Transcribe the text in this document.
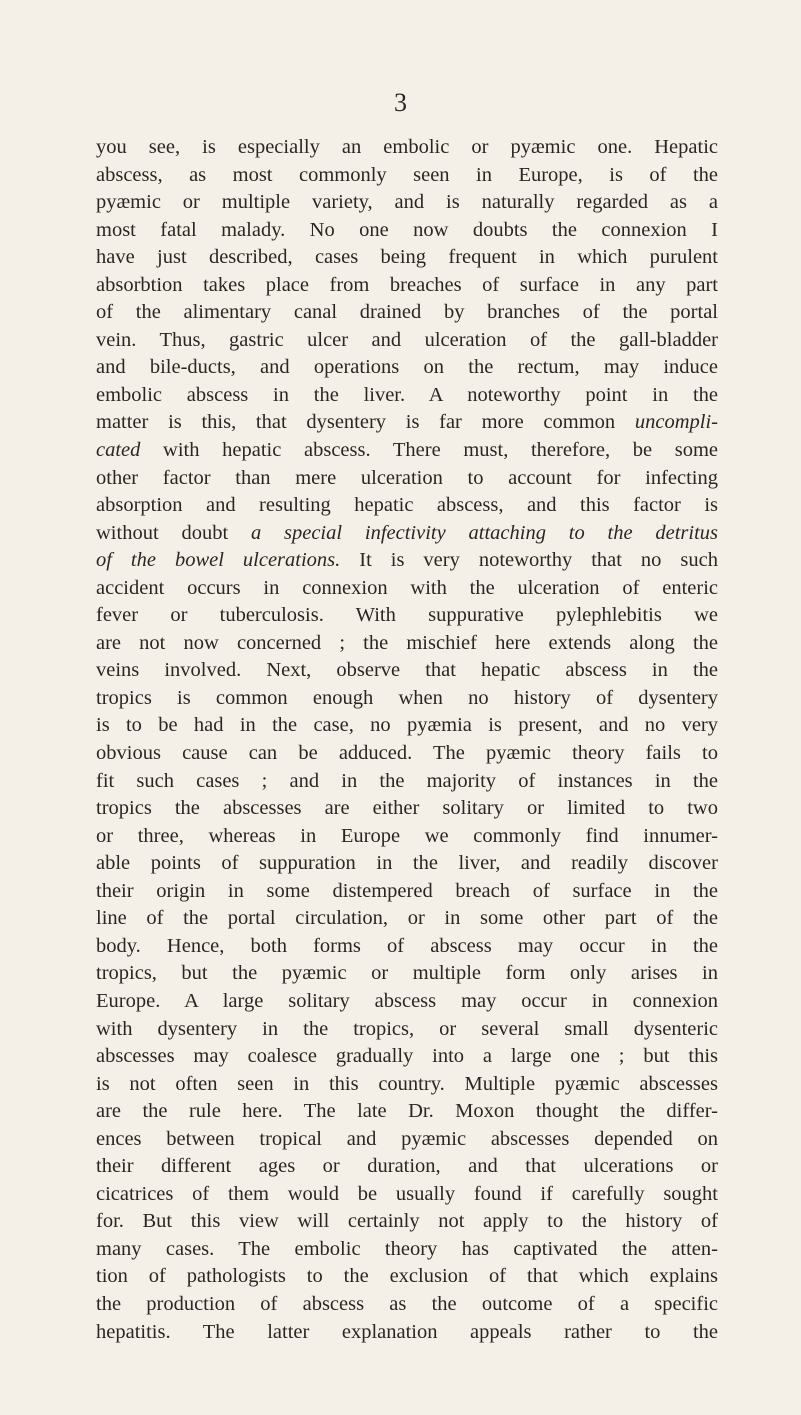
3
you see, is especially an embolic or pyæmic one. Hepatic
abscess, as most commonly seen in Europe, is of the
pyæmic or multiple variety, and is naturally regarded as a
most fatal malady. No one now doubts the connexion I
have just described, cases being frequent in which purulent
absorbtion takes place from breaches of surface in any part
of the alimentary canal drained by branches of the portal
vein. Thus, gastric ulcer and ulceration of the gall-bladder
and bile-ducts, and operations on the rectum, may induce
embolic abscess in the liver. A noteworthy point in the
matter is this, that dysentery is far more common uncompli-
cated with hepatic abscess. There must, therefore, be some
other factor than mere ulceration to account for infecting
absorption and resulting hepatic abscess, and this factor is
without doubt a special infectivity attaching to the detritus
of the bowel ulcerations. It is very noteworthy that no such
accident occurs in connexion with the ulceration of enteric
fever or tuberculosis. With suppurative pylephlebitis we
are not now concerned ; the mischief here extends along the
veins involved. Next, observe that hepatic abscess in the
tropics is common enough when no history of dysentery
is to be had in the case, no pyæmia is present, and no very
obvious cause can be adduced. The pyæmic theory fails to
fit such cases ; and in the majority of instances in the
tropics the abscesses are either solitary or limited to two
or three, whereas in Europe we commonly find innumer-
able points of suppuration in the liver, and readily discover
their origin in some distempered breach of surface in the
line of the portal circulation, or in some other part of the
body. Hence, both forms of abscess may occur in the
tropics, but the pyæmic or multiple form only arises in
Europe. A large solitary abscess may occur in connexion
with dysentery in the tropics, or several small dysenteric
abscesses may coalesce gradually into a large one ; but this
is not often seen in this country. Multiple pyæmic abscesses
are the rule here. The late Dr. Moxon thought the differ-
ences between tropical and pyæmic abscesses depended on
their different ages or duration, and that ulcerations or
cicatrices of them would be usually found if carefully sought
for. But this view will certainly not apply to the history of
many cases. The embolic theory has captivated the atten-
tion of pathologists to the exclusion of that which explains
the production of abscess as the outcome of a specific
hepatitis. The latter explanation appeals rather to the
